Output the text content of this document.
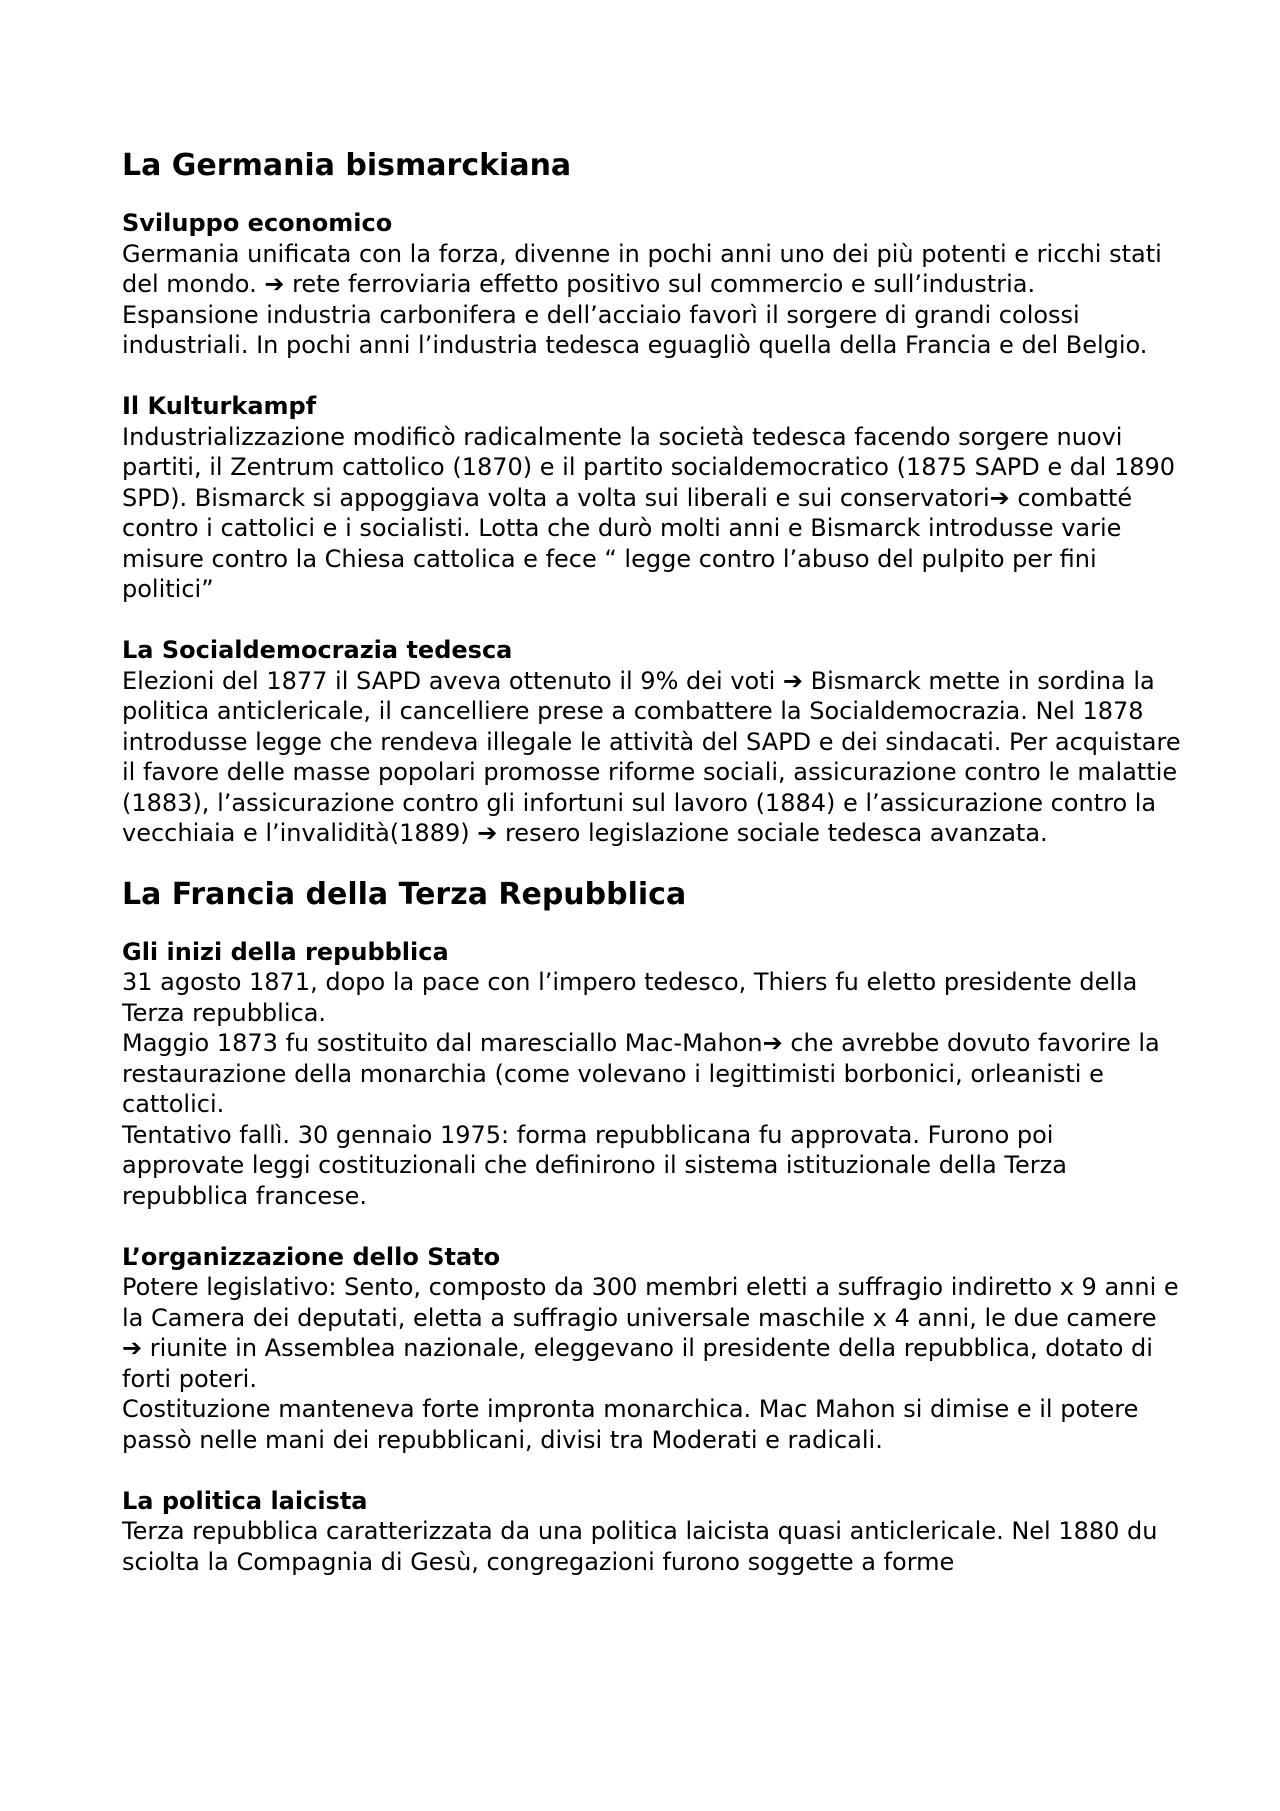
La Germania bismarckiana
Sviluppo economico

Germania unificata con la forza, divenne in pochi anni uno dei più potenti e ricchi stati del mondo. ➔ rete ferroviaria effetto positivo sul commercio e sull’industria.

Espansione industria carbonifera e dell’acciaio favorì il sorgere di grandi colossi industriali. In pochi anni l’industria tedesca eguagliò quella della Francia e del Belgio.

Il Kulturkampf

Industrializzazione modificò radicalmente la società tedesca facendo sorgere nuovi partiti, il Zentrum cattolico (1870) e il partito socialdemocratico (1875 SAPD e dal 1890 SPD). Bismarck si appoggiava volta a volta sui liberali e sui conservatori➔ combatté contro i cattolici e i socialisti. Lotta che durò molti anni e Bismarck introdusse varie misure contro la Chiesa cattolica e fece “ legge contro l’abuso del pulpito per fini politici”

La Socialdemocrazia tedesca

Elezioni del 1877 il SAPD aveva ottenuto il 9% dei voti ➔ Bismarck mette in sordina la politica anticlericale, il cancelliere prese a combattere la Socialdemocrazia. Nel 1878 introdusse legge che rendeva illegale le attività del SAPD e dei sindacati. Per acquistare il favore delle masse popolari promosse riforme sociali, assicurazione contro le malattie (1883), l’assicurazione contro gli infortuni sul lavoro (1884) e l’assicurazione contro la vecchiaia e l’invalidità(1889) ➔ resero legislazione sociale tedesca avanzata.

La Francia della Terza Repubblica
Gli inizi della repubblica

31 agosto 1871, dopo la pace con l’impero tedesco, Thiers fu eletto presidente della Terza repubblica.

Maggio 1873 fu sostituito dal maresciallo Mac-Mahon➔ che avrebbe dovuto favorire la restaurazione della monarchia (come volevano i legittimisti borbonici, orleanisti e cattolici.

Tentativo fallì. 30 gennaio 1975: forma repubblicana fu approvata. Furono poi approvate leggi costituzionali che definirono il sistema istituzionale della Terza repubblica francese.

L’organizzazione dello Stato

Potere legislativo: Sento, composto da 300 membri eletti a suffragio indiretto x 9 anni e la Camera dei deputati, eletta a suffragio universale maschile x 4 anni, le due camere ➔ riunite in Assemblea nazionale, eleggevano il presidente della repubblica, dotato di forti poteri.

Costituzione manteneva forte impronta monarchica. Mac Mahon si dimise e il potere passò nelle mani dei repubblicani, divisi tra Moderati e radicali.

La politica laicista

Terza repubblica caratterizzata da una politica laicista quasi anticlericale. Nel 1880 du sciolta la Compagnia di Gesù, congregazioni furono soggette a forme
